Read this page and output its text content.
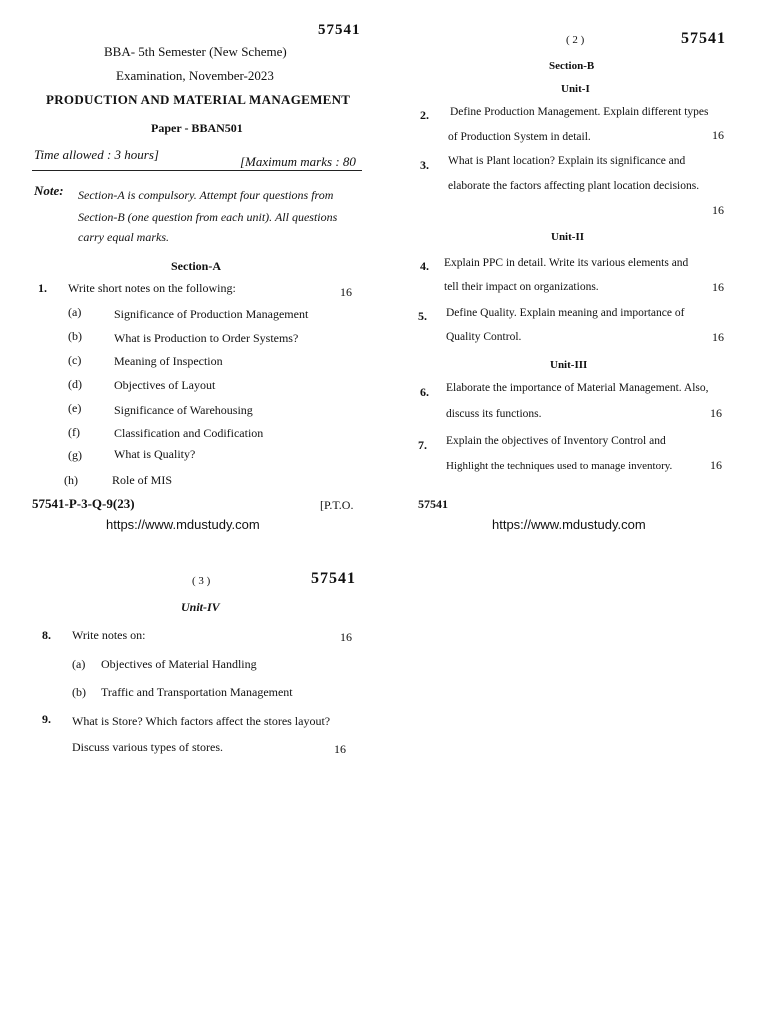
57541
BBA- 5th Semester (New Scheme)
Examination, November-2023
PRODUCTION AND MATERIAL MANAGEMENT
Paper - BBAN501
Time allowed : 3 hours]	[Maximum marks : 80
Note: Section-A is compulsory. Attempt four questions from
Section-B (one question from each unit). All questions
carry equal marks.
Section-A
1. Write short notes on the following:	16
(a)	Significance of Production Management
(b)	What is Production to Order Systems?
(c)	Meaning of Inspection
(d)	Objectives of Layout
(e)	Significance of Warehousing
(f)	Classification and Codification
(g)	What is Quality?
(h)	Role of MIS
57541-P-3-Q-9(23)	[P.T.O.
https://www.mdustudy.com
( 2 )	57541
Section-B
Unit-I
2. Define Production Management. Explain different types
of Production System in detail.	16
3. What is Plant location? Explain its significance and
elaborate the factors affecting plant location decisions.
16
Unit-II
4. Explain PPC in detail. Write its various elements and
tell their impact on organizations.	16
5. Define Quality. Explain meaning and importance of
Quality Control.	16
Unit-III
6. Elaborate the importance of Material Management. Also,
discuss its functions.	16
7. Explain the objectives of Inventory Control and
Highlight the techniques used to manage inventory.	16
57541
https://www.mdustudy.com
( 3 )	57541
Unit-IV
8. Write notes on:	16
(a) Objectives of Material Handling
(b) Traffic and Transportation Management
9. What is Store? Which factors affect the stores layout?
Discuss various types of stores.	16
